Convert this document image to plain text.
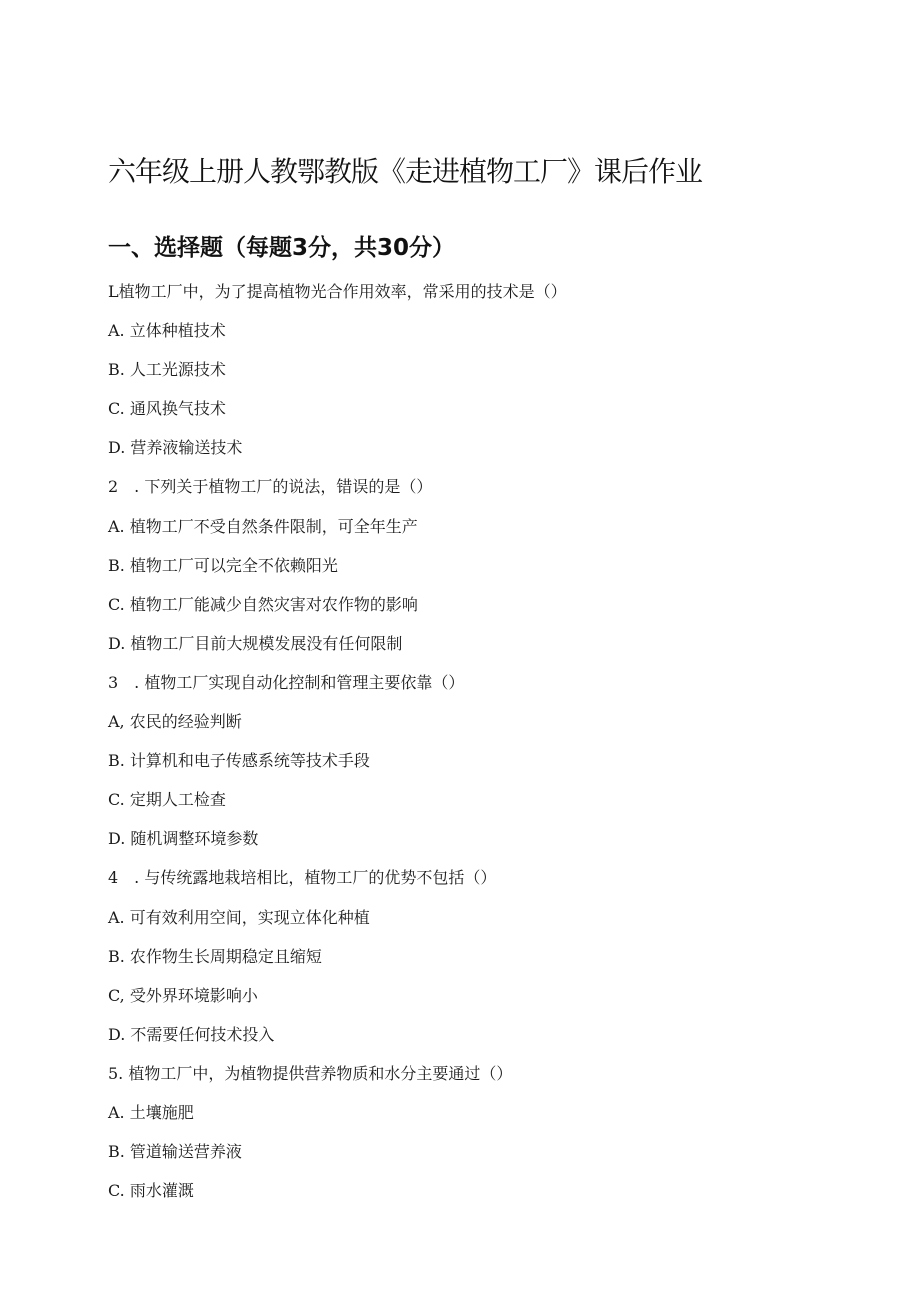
六年级上册人教鄂教版《走进植物工厂》课后作业
一、选择题（每题3分，共30分）
L植物工厂中，为了提高植物光合作用效率，常采用的技术是（）
A. 立体种植技术
B. 人工光源技术
C. 通风换气技术
D. 营养液输送技术
2　. 下列关于植物工厂的说法，错误的是（）
A. 植物工厂不受自然条件限制，可全年生产
B. 植物工厂可以完全不依赖阳光
C. 植物工厂能减少自然灾害对农作物的影响
D. 植物工厂目前大规模发展没有任何限制
3　. 植物工厂实现自动化控制和管理主要依靠（）
A, 农民的经验判断
B. 计算机和电子传感系统等技术手段
C. 定期人工检查
D. 随机调整环境参数
4　. 与传统露地栽培相比，植物工厂的优势不包括（）
A. 可有效利用空间，实现立体化种植
B. 农作物生长周期稳定且缩短
C, 受外界环境影响小
D. 不需要任何技术投入
5. 植物工厂中，为植物提供营养物质和水分主要通过（）
A. 土壤施肥
B. 管道输送营养液
C. 雨水灌溉
